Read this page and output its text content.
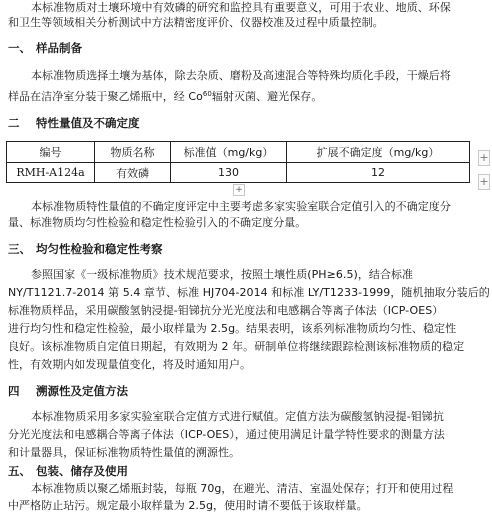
本标准物质对土壤环境中有效磷的研究和监控具有重要意义，可用于农业、地质、环保
和卫生等领域相关分析测试中方法精密度评价、仪器校准及过程中质量控制。
一、 样品制备
本标准物质选择土壤为基体，除去杂质、磨粉及高速混合等特殊均质化手段，干燥后将
样品在洁净室分装于聚乙烯瓶中，经 Co$^{60}$辐射灭菌、避光保存。
二 特性量值及不确定度
编号	物质名称	标准值（mg/kg）	扩展不确定度（mg/kg）
RMH-A124a	有效磷	130	12
+
本标准物质特性量值的不确定度评定中主要考虑多家实验室联合定值引入的不确定度分
量、标准物质均匀性检验和稳定性检验引入的不确定度分量。
三、 均匀性检验和稳定性考察
参照国家《一级标准物质》技术规范要求，按照土壤性质(PH≥6.5)，结合标准
NY/T1121.7-2014 第 5.4 章节、标准 HJ704-2014 和标准 LY/T1233-1999，随机抽取分装后的
标准物质样品，采用碳酸氢钠浸提-钼锑抗分光光度法和电感耦合等离子体法（ICP-OES）
进行均匀性和稳定性检验，最小取样量为 2.5g。结果表明，该系列标准物质均匀性、稳定性
良好。该标准物质自定值日期起，有效期为 2 年。研制单位将继续跟踪检测该标准物质的稳定
性，有效期内如发现量值变化，将及时通知用户。
四 溯源性及定值方法
本标准物质采用多家实验室联合定值方式进行赋值。定值方法为碳酸氢钠浸提-钼锑抗
分光光度法和电感耦合等离子体法（ICP-OES），通过使用满足计量学特性要求的测量方法
和计量器具，保证标准物质特性量值的溯源性。
五、 包装、储存及使用
本标准物质以聚乙烯瓶封装，每瓶 70g，在避光、清洁、室温处保存；打开和使用过程
中严格防止玷污。规定最小取样量为 2.5g，使用时请不要低于该取样量。
+
+
